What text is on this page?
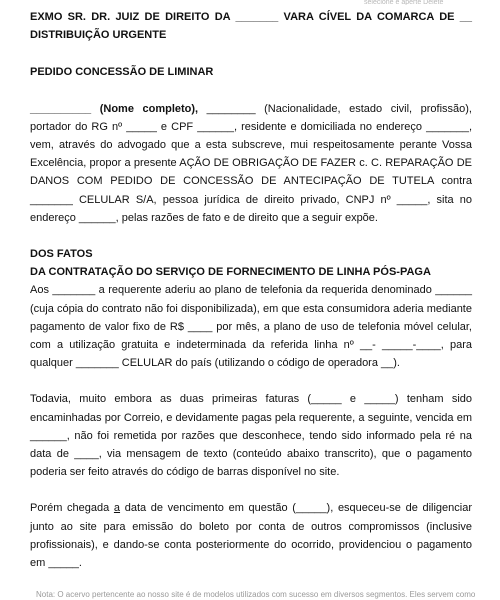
selecione e aperte Delete

EXMO SR. DR. JUIZ DE DIREITO DA _______ VARA CÍVEL DA COMARCA DE __

DISTRIBUIÇÃO URGENTE

PEDIDO CONCESSÃO DE LIMINAR

__________ (Nome completo), ________ (Nacionalidade, estado civil, profissão), portador do RG nº _____ e CPF ______, residente e domiciliada no endereço _______, vem, através do advogado que a esta subscreve, mui respeitosamente perante Vossa Excelência, propor a presente AÇÃO DE OBRIGAÇÃO DE FAZER c. C. REPARAÇÃO DE DANOS COM PEDIDO DE CONCESSÃO DE ANTECIPAÇÃO DE TUTELA contra _______ CELULAR S/A, pessoa jurídica de direito privado, CNPJ nº _____, sita no endereço ______, pelas razões de fato e de direito que a seguir expõe.

DOS FATOS

DA CONTRATAÇÃO DO SERVIÇO DE FORNECIMENTO DE LINHA PÓS-PAGA

Aos _______ a requerente aderiu ao plano de telefonia da requerida denominado ______ (cuja cópia do contrato não foi disponibilizada), em que esta consumidora aderia mediante pagamento de valor fixo de R$ ____ por mês, a plano de uso de telefonia móvel celular, com a utilização gratuita e indeterminada da referida linha nº __- _____-____, para qualquer _______ CELULAR do país (utilizando o código de operadora __).

Todavia, muito embora as duas primeiras faturas (_____ e _____) tenham sido encaminhadas por Correio, e devidamente pagas pela requerente, a seguinte, vencida em ______, não foi remetida por razões que desconhece, tendo sido informado pela ré na data de ____, via mensagem de texto (conteúdo abaixo transcrito), que o pagamento poderia ser feito através do código de barras disponível no site.

Porém chegada a data de vencimento em questão (_____), esqueceu-se de diligenciar junto ao site para emissão do boleto por conta de outros compromissos (inclusive profissionais), e dando-se conta posteriormente do ocorrido, providenciou o pagamento em _____.

Nota: O acervo pertencente ao nosso site é de modelos utilizados com sucesso em diversos segmentos. Eles servem como
